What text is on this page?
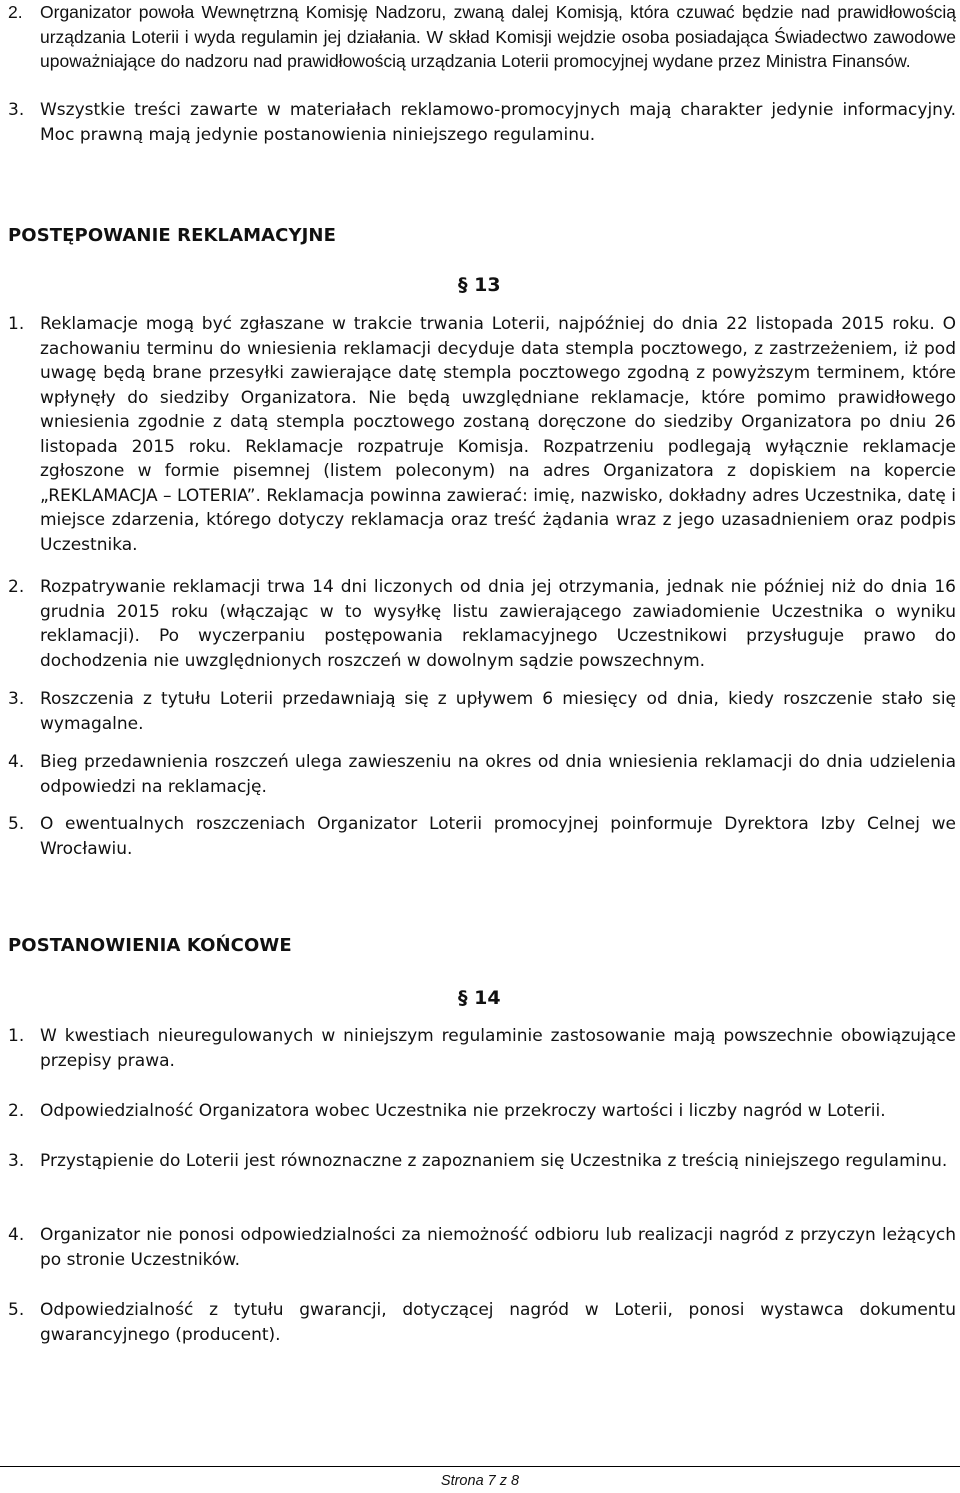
2. Organizator powoła Wewnętrzną Komisję Nadzoru, zwaną dalej Komisją, która czuwać będzie nad prawidłowością urządzania Loterii i wyda regulamin jej działania. W skład Komisji wejdzie osoba posiadająca Świadectwo zawodowe upoważniające do nadzoru nad prawidłowością urządzania Loterii promocyjnej wydane przez Ministra Finansów.
3. Wszystkie treści zawarte w materiałach reklamowo-promocyjnych mają charakter jedynie informacyjny. Moc prawną mają jedynie postanowienia niniejszego regulaminu.
POSTĘPOWANIE REKLAMACYJNE
§ 13
1. Reklamacje mogą być zgłaszane w trakcie trwania Loterii, najpóźniej do dnia 22 listopada 2015 roku. O zachowaniu terminu do wniesienia reklamacji decyduje data stempla pocztowego, z zastrzeżeniem, iż pod uwagę będą brane przesyłki zawierające datę stempla pocztowego zgodną z powyższym terminem, które wpłynęły do siedziby Organizatora. Nie będą uwzględniane reklamacje, które pomimo prawidłowego wniesienia zgodnie z datą stempla pocztowego zostaną doręczone do siedziby Organizatora po dniu 26 listopada 2015 roku. Reklamacje rozpatruje Komisja. Rozpatrzeniu podlegają wyłącznie reklamacje zgłoszone w formie pisemnej (listem poleconym) na adres Organizatora z dopiskiem na kopercie „REKLAMACJA – LOTERIA”. Reklamacja powinna zawierać: imię, nazwisko, dokładny adres Uczestnika, datę i miejsce zdarzenia, którego dotyczy reklamacja oraz treść żądania wraz z jego uzasadnieniem oraz podpis Uczestnika.
2. Rozpatrywanie reklamacji trwa 14 dni liczonych od dnia jej otrzymania, jednak nie później niż do dnia 16 grudnia 2015 roku (włączając w to wysyłkę listu zawierającego zawiadomienie Uczestnika o wyniku reklamacji). Po wyczerpaniu postępowania reklamacyjnego Uczestnikowi przysługuje prawo do dochodzenia nie uwzględnionych roszczeń w dowolnym sądzie powszechnym.
3. Roszczenia z tytułu Loterii przedawniają się z upływem 6 miesięcy od dnia, kiedy roszczenie stało się wymagalne.
4. Bieg przedawnienia roszczeń ulega zawieszeniu na okres od dnia wniesienia reklamacji do dnia udzielenia odpowiedzi na reklamację.
5. O ewentualnych roszczeniach Organizator Loterii promocyjnej poinformuje Dyrektora Izby Celnej we Wrocławiu.
POSTANOWIENIA KOŃCOWE
§ 14
1. W kwestiach nieuregulowanych w niniejszym regulaminie zastosowanie mają powszechnie obowiązujące przepisy prawa.
2. Odpowiedzialność Organizatora wobec Uczestnika nie przekroczy wartości i liczby nagród w Loterii.
3. Przystąpienie do Loterii jest równoznaczne z zapoznaniem się Uczestnika z treścią niniejszego regulaminu.
4. Organizator nie ponosi odpowiedzialności za niemożność odbioru lub realizacji nagród z przyczyn leżących po stronie Uczestników.
5. Odpowiedzialność z tytułu gwarancji, dotyczącej nagród w Loterii, ponosi wystawca dokumentu gwarancyjnego (producent).
Strona 7 z 8
